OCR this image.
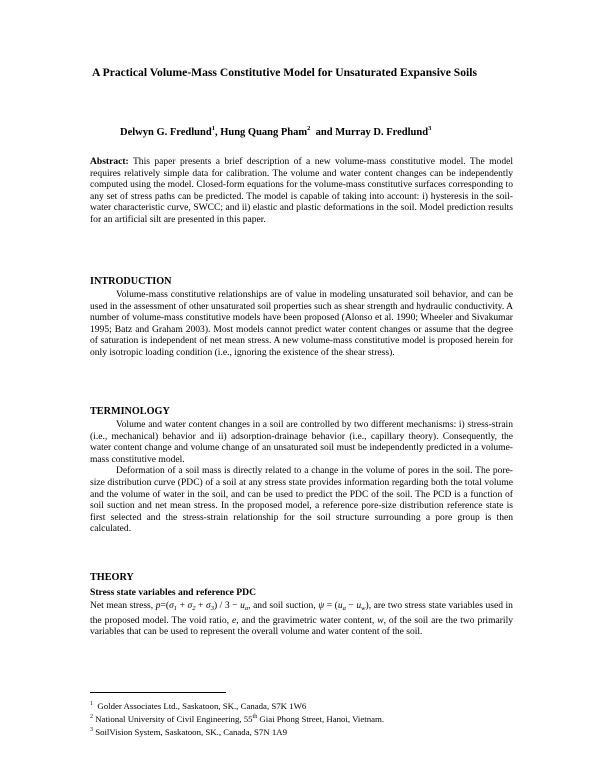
A Practical Volume-Mass Constitutive Model for Unsaturated Expansive Soils
Delwyn G. Fredlund$^1$, Hung Quang Pham$^2$  and Murray D. Fredlund$^3$

Abstract: This paper presents a brief description of a new volume-mass constitutive model. The model requires relatively simple data for calibration. The volume and water content changes can be independently computed using the model. Closed-form equations for the volume-mass constitutive surfaces corresponding to any set of stress paths can be predicted. The model is capable of taking into account: i) hysteresis in the soil-water characteristic curve, SWCC; and ii) elastic and plastic deformations in the soil. Model prediction results for an artificial silt are presented in this paper.

INTRODUCTION

Volume-mass constitutive relationships are of value in modeling unsaturated soil behavior, and can be used in the assessment of other unsaturated soil properties such as shear strength and hydraulic conductivity. A number of volume-mass constitutive models have been proposed (Alonso et al. 1990; Wheeler and Sivakumar 1995; Batz and Graham 2003). Most models cannot predict water content changes or assume that the degree of saturation is independent of net mean stress. A new volume-mass constitutive model is proposed herein for only isotropic loading condition (i.e., ignoring the existence of the shear stress).

TERMINOLOGY

Volume and water content changes in a soil are controlled by two different mechanisms: i) stress-strain (i.e., mechanical) behavior and ii) adsorption-drainage behavior (i.e., capillary theory). Consequently, the water content change and volume change of an unsaturated soil must be independently predicted in a volume-mass constitutive model.

Deformation of a soil mass is directly related to a change in the volume of pores in the soil. The pore-size distribution curve (PDC) of a soil at any stress state provides information regarding both the total volume and the volume of water in the soil, and can be used to predict the PDC of the soil. The PCD is a function of soil suction and net mean stress. In the proposed model, a reference pore-size distribution reference state is first selected and the stress-strain relationship for the soil structure surrounding a pore group is then calculated.

THEORY
Stress state variables and reference PDC

Net mean stress, $p=(\sigma_1 + \sigma_2 + \sigma_3) / 3 - u_a$, and soil suction, $\psi = (u_a - u_w)$, are two stress state variables used in the proposed model. The void ratio, e, and the gravimetric water content, w, of the soil are the two primarily variables that can be used to represent the overall volume and water content of the soil.

$^1$  Golder Associates Ltd., Saskatoon, SK., Canada, S7K 1W6
$^2$ National University of Civil Engineering, 55th Giai Phong Street, Hanoi, Vietnam.
$^3$ SoilVision System, Saskatoon, SK., Canada, S7N 1A9
